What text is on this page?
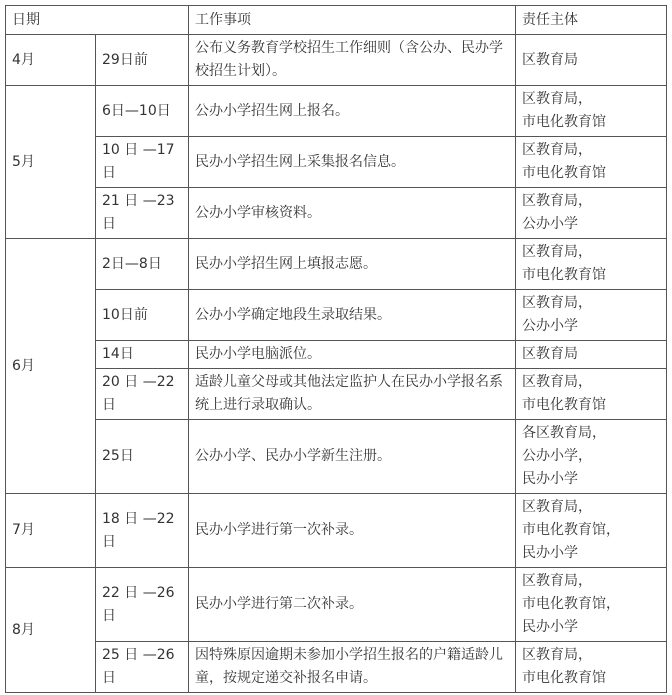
日期		工作事项	责任主体
4月	29日前	公布义务教育学校招生工作细则（含公办、民办学校招生计划）。	区教育局

5月	6日—10日	公办小学招生网上报名。	区教育局，
市电化教育馆

	10 日 —17 日	民办小学招生网上采集报名信息。	区教育局，
市电化教育馆

	21 日 —23 日	公办小学审核资料。	区教育局，
公办小学

6月	2日—8日	民办小学招生网上填报志愿。	区教育局，
市电化教育馆

	10日前	公办小学确定地段生录取结果。	区教育局，
公办小学

	14日	民办小学电脑派位。	区教育局

	20 日 —22 日	适龄儿童父母或其他法定监护人在民办小学报名系统上进行录取确认。	区教育局，
市电化教育馆

	25日	公办小学、民办小学新生注册。	各区教育局，
公办小学，
民办小学

7月	18 日 —22 日	民办小学进行第一次补录。	区教育局，
市电化教育馆，
民办小学

8月	22 日 —26 日	民办小学进行第二次补录。	区教育局，
市电化教育馆，
民办小学

	25 日 —26 日	因特殊原因逾期未参加小学招生报名的户籍适龄儿童，按规定递交补报名申请。	区教育局，
市电化教育馆
